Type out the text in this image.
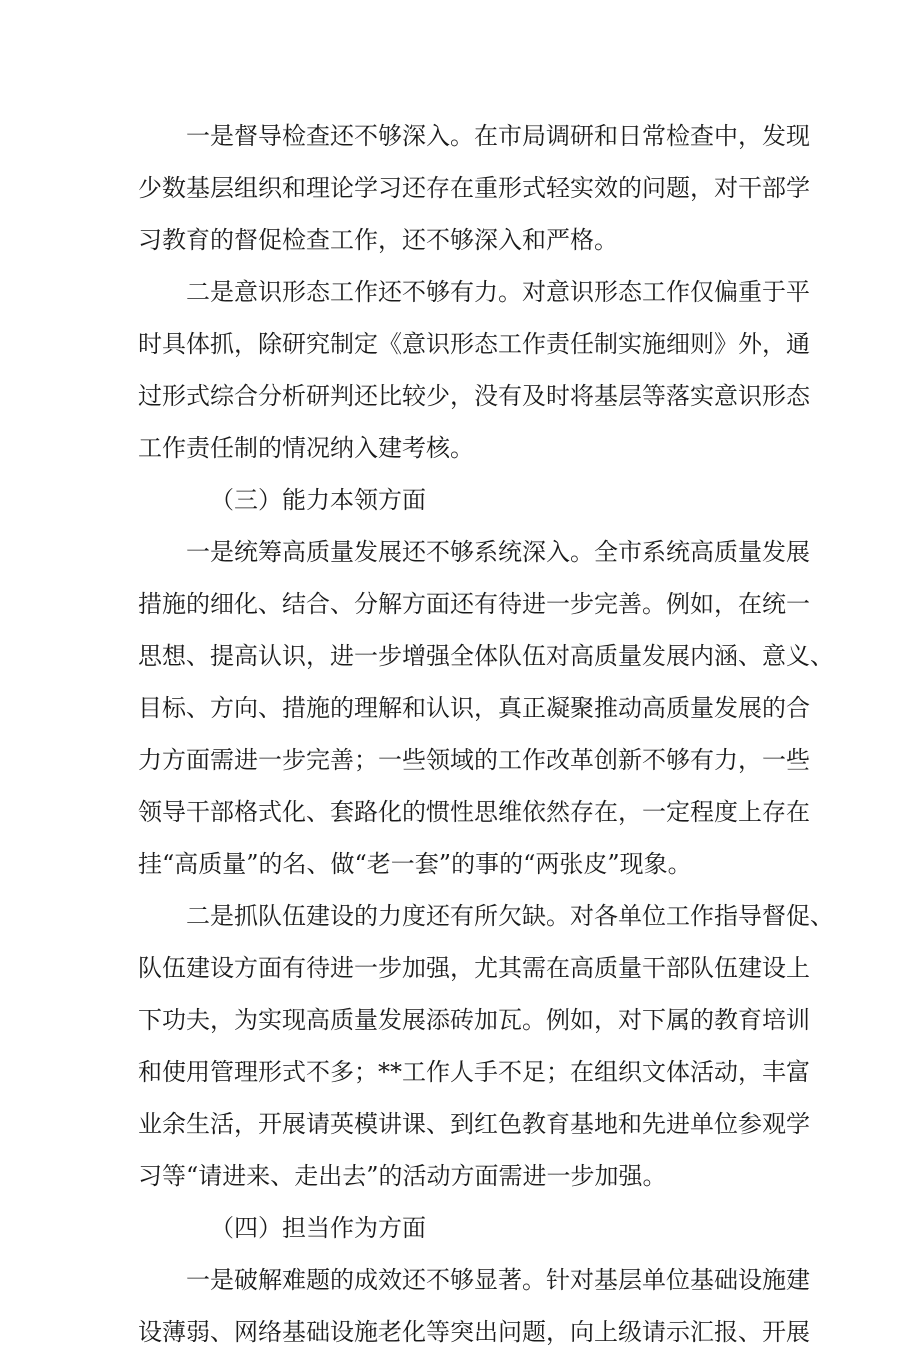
一是督导检查还不够深入。在市局调研和日常检查中，发现
少数基层组织和理论学习还存在重形式轻实效的问题，对干部学
习教育的督促检查工作，还不够深入和严格。
二是意识形态工作还不够有力。对意识形态工作仅偏重于平
时具体抓，除研究制定《意识形态工作责任制实施细则》外，通
过形式综合分析研判还比较少，没有及时将基层等落实意识形态
工作责任制的情况纳入建考核。
（三）能力本领方面
一是统筹高质量发展还不够系统深入。全市系统高质量发展
措施的细化、结合、分解方面还有待进一步完善。例如，在统一
思想、提高认识，进一步增强全体队伍对高质量发展内涵、意义、
目标、方向、措施的理解和认识，真正凝聚推动高质量发展的合
力方面需进一步完善；一些领域的工作改革创新不够有力，一些
领导干部格式化、套路化的惯性思维依然存在，一定程度上存在
挂“高质量”的名、做“老一套”的事的“两张皮”现象。
二是抓队伍建设的力度还有所欠缺。对各单位工作指导督促、
队伍建设方面有待进一步加强，尤其需在高质量干部队伍建设上
下功夫，为实现高质量发展添砖加瓦。例如，对下属的教育培训
和使用管理形式不多；**工作人手不足；在组织文体活动，丰富
业余生活，开展请英模讲课、到红色教育基地和先进单位参观学
习等“请进来、走出去”的活动方面需进一步加强。
（四）担当作为方面
一是破解难题的成效还不够显著。针对基层单位基础设施建
设薄弱、网络基础设施老化等突出问题，向上级请示汇报、开展
